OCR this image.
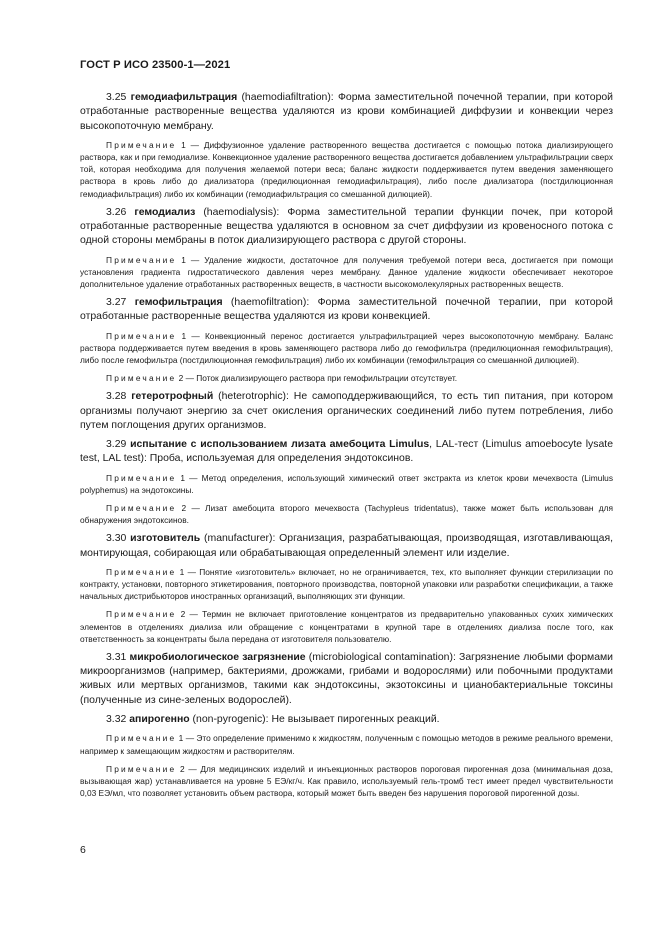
ГОСТ Р ИСО 23500-1—2021

3.25 гемодиафильтрация (haemodiafiltration): Форма заместительной почечной терапии, при которой отработанные растворенные вещества удаляются из крови комбинацией диффузии и конвекции через высокопоточную мембрану.

Примечание 1 — Диффузионное удаление растворенного вещества достигается с помощью потока диализирующего раствора, как и при гемодиализе. Конвекционное удаление растворенного вещества достигается добавлением ультрафильтрации сверх той, которая необходима для получения желаемой потери веса; баланс жидкости поддерживается путем введения заменяющего раствора в кровь либо до диализатора (предилюционная гемодиафильтрация), либо после диализатора (постдилюционная гемодиафильтрация) либо их комбинации (гемодиафильтрация со смешанной дилюцией).

3.26 гемодиализ (haemodialysis): Форма заместительной терапии функции почек, при которой отработанные растворенные вещества удаляются в основном за счет диффузии из кровеносного потока с одной стороны мембраны в поток диализирующего раствора с другой стороны.

Примечание 1 — Удаление жидкости, достаточное для получения требуемой потери веса, достигается при помощи установления градиента гидростатического давления через мембрану. Данное удаление жидкости обеспечивает некоторое дополнительное удаление отработанных растворенных веществ, в частности высокомолекулярных растворенных веществ.

3.27 гемофильтрация (haemofiltration): Форма заместительной почечной терапии, при которой отработанные растворенные вещества удаляются из крови конвекцией.

Примечание 1 — Конвекционный перенос достигается ультрафильтрацией через высокопоточную мембрану. Баланс раствора поддерживается путем введения в кровь заменяющего раствора либо до гемофильтра (предилюционная гемофильтрация), либо после гемофильтра (постдилюционная гемофильтрация) либо их комбинации (гемофильтрация со смешанной дилюцией).

Примечание 2 — Поток диализирующего раствора при гемофильтрации отсутствует.

3.28 гетеротрофный (heterotrophic): Не самоподдерживающийся, то есть тип питания, при котором организмы получают энергию за счет окисления органических соединений либо путем потребления, либо путем поглощения других организмов.

3.29 испытание с использованием лизата амебоцита Limulus, LAL-тест (Limulus amoebocyte lysate test, LAL test): Проба, используемая для определения эндотоксинов.

Примечание 1 — Метод определения, использующий химический ответ экстракта из клеток крови мечехвоста (Limulus polyphemus) на эндотоксины.

Примечание 2 — Лизат амебоцита второго мечехвоста (Tachypleus tridentatus), также может быть использован для обнаружения эндотоксинов.

3.30 изготовитель (manufacturer): Организация, разрабатывающая, производящая, изготавливающая, монтирующая, собирающая или обрабатывающая определенный элемент или изделие.

Примечание 1 — Понятие «изготовитель» включает, но не ограничивается, тех, кто выполняет функции стерилизации по контракту, установки, повторного этикетирования, повторного производства, повторной упаковки или разработки спецификации, а также начальных дистрибьюторов иностранных организаций, выполняющих эти функции.

Примечание 2 — Термин не включает приготовление концентратов из предварительно упакованных сухих химических элементов в отделениях диализа или обращение с концентратами в крупной таре в отделениях диализа после того, как ответственность за концентраты была передана от изготовителя пользователю.

3.31 микробиологическое загрязнение (microbiological contamination): Загрязнение любыми формами микроорганизмов (например, бактериями, дрожжами, грибами и водорослями) или побочными продуктами живых или мертвых организмов, такими как эндотоксины, экзотоксины и цианобактериальные токсины (полученные из сине-зеленых водорослей).

3.32 апирогенно (non-pyrogenic): Не вызывает пирогенных реакций.

Примечание 1 — Это определение применимо к жидкостям, полученным с помощью методов в режиме реального времени, например к замещающим жидкостям и растворителям.

Примечание 2 — Для медицинских изделий и инъекционных растворов пороговая пирогенная доза (минимальная доза, вызывающая жар) устанавливается на уровне 5 ЕЭ/кг/ч. Как правило, используемый гель-тромб тест имеет предел чувствительности 0,03 ЕЭ/мл, что позволяет установить объем раствора, который может быть введен без нарушения пороговой пирогенной дозы.

6
